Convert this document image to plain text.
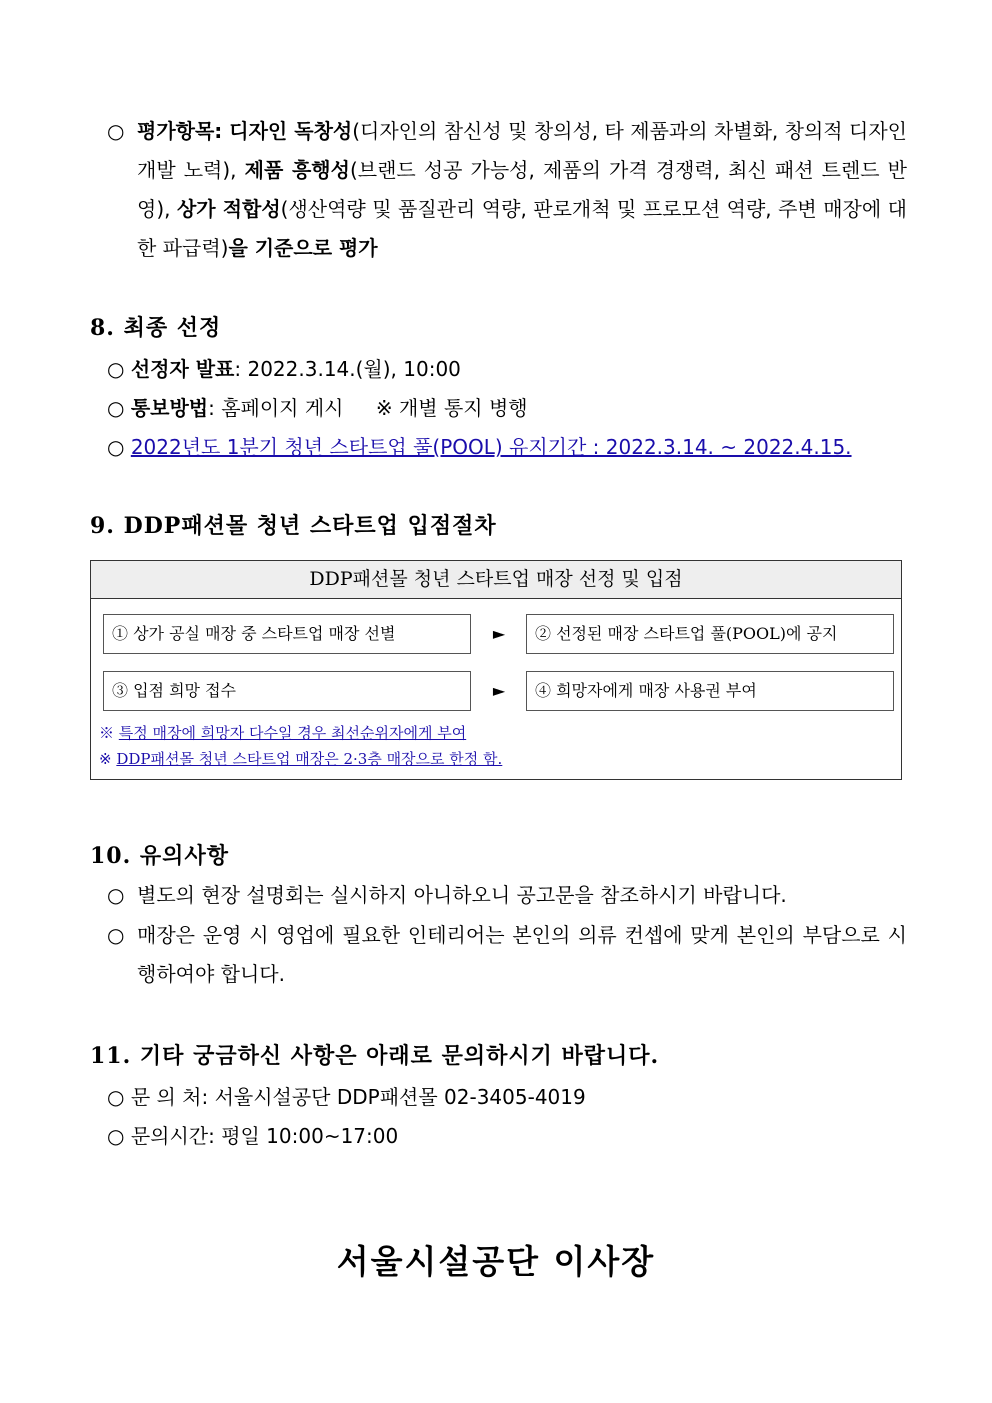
○ 평가항목: 디자인 독창성(디자인의 참신성 및 창의성, 타 제품과의 차별화, 창의적 디자인 개발 노력), 제품 흥행성(브랜드 성공 가능성, 제품의 가격 경쟁력, 최신 패션 트렌드 반영), 상가 적합성(생산역량 및 품질관리 역량, 판로개척 및 프로모션 역량, 주변 매장에 대한 파급력)을 기준으로 평가
8. 최종 선정
○ 선정자 발표: 2022.3.14.(월), 10:00
○ 통보방법: 홈페이지 게시 ※ 개별 통지 병행
○ 2022년도 1분기 청년 스타트업 풀(POOL) 유지기간 : 2022.3.14. ~ 2022.4.15.
9. DDP패션몰 청년 스타트업 입점절차
DDP패션몰 청년 스타트업 매장 선정 및 입점
① 상가 공실 매장 중 스타트업 매장 선별	►	② 선정된 매장 스타트업 풀(POOL)에 공지
③ 입점 희망 접수	►	④ 희망자에게 매장 사용권 부여
※ 특정 매장에 희망자 다수일 경우 최선순위자에게 부여
※ DDP패션몰 청년 스타트업 매장은 2·3층 매장으로 한정 함.
10. 유의사항
○ 별도의 현장 설명회는 실시하지 아니하오니 공고문을 참조하시기 바랍니다.
○ 매장은 운영 시 영업에 필요한 인테리어는 본인의 의류 컨셉에 맞게 본인의 부담으로 시행하여야 합니다.
11. 기타 궁금하신 사항은 아래로 문의하시기 바랍니다.
○ 문 의 처: 서울시설공단 DDP패션몰 02-3405-4019
○ 문의시간: 평일 10:00~17:00
서울시설공단 이사장
